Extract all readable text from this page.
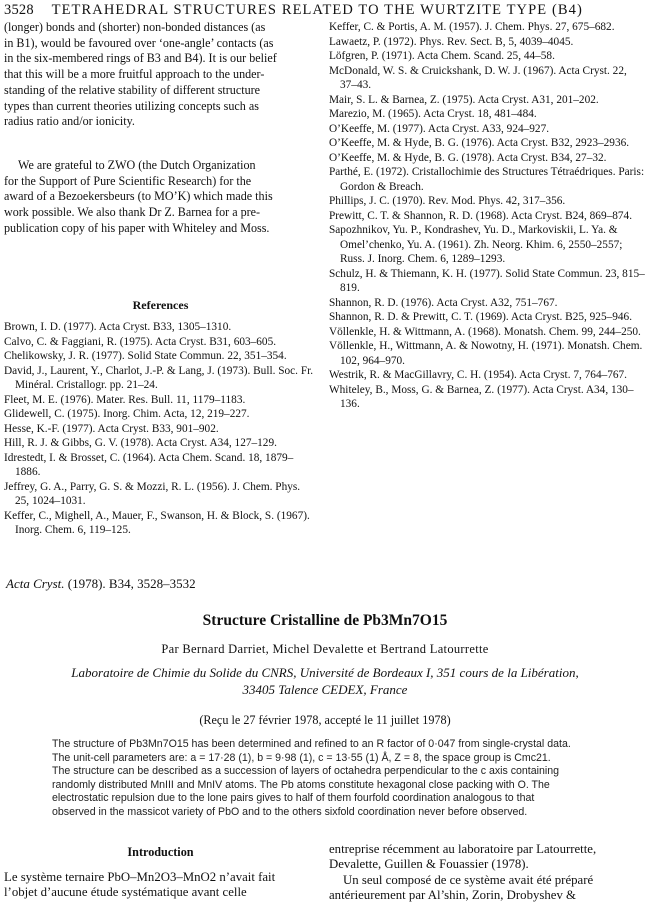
3528 TETRAHEDRAL STRUCTURES RELATED TO THE WURTZITE TYPE (B4)
(longer) bonds and (shorter) non-bonded distances (as
in B1), would be favoured over ‘one-angle’ contacts (as
in the six-membered rings of B3 and B4). It is our belief
that this will be a more fruitful approach to the under-
standing of the relative stability of different structure
types than current theories utilizing concepts such as
radius ratio and/or ionicity.
We are grateful to ZWO (the Dutch Organization
for the Support of Pure Scientific Research) for the
award of a Bezoekersbeurs (to MO’K) which made this
work possible. We also thank Dr Z. Barnea for a pre-
publication copy of his paper with Whiteley and Moss.
References
Brown, I. D. (1977). Acta Cryst. B33, 1305–1310.
Calvo, C. & Faggiani, R. (1975). Acta Cryst. B31, 603–605.
Chelikowsky, J. R. (1977). Solid State Commun. 22, 351–354.
David, J., Laurent, Y., Charlot, J.-P. & Lang, J. (1973). Bull. Soc. Fr. Minéral. Cristallogr. pp. 21–24.
Fleet, M. E. (1976). Mater. Res. Bull. 11, 1179–1183.
Glidewell, C. (1975). Inorg. Chim. Acta, 12, 219–227.
Hesse, K.-F. (1977). Acta Cryst. B33, 901–902.
Hill, R. J. & Gibbs, G. V. (1978). Acta Cryst. A34, 127–129.
Idrestedt, I. & Brosset, C. (1964). Acta Chem. Scand. 18, 1879–1886.
Jeffrey, G. A., Parry, G. S. & Mozzi, R. L. (1956). J. Chem. Phys. 25, 1024–1031.
Keffer, C., Mighell, A., Mauer, F., Swanson, H. & Block, S. (1967). Inorg. Chem. 6, 119–125.
Keffer, C. & Portis, A. M. (1957). J. Chem. Phys. 27, 675–682.
Lawaetz, P. (1972). Phys. Rev. Sect. B, 5, 4039–4045.
Löfgren, P. (1971). Acta Chem. Scand. 25, 44–58.
McDonald, W. S. & Cruickshank, D. W. J. (1967). Acta Cryst. 22, 37–43.
Mair, S. L. & Barnea, Z. (1975). Acta Cryst. A31, 201–202.
Marezio, M. (1965). Acta Cryst. 18, 481–484.
O’Keeffe, M. (1977). Acta Cryst. A33, 924–927.
O’Keeffe, M. & Hyde, B. G. (1976). Acta Cryst. B32, 2923–2936.
O’Keeffe, M. & Hyde, B. G. (1978). Acta Cryst. B34, 27–32.
Parthé, E. (1972). Cristallochimie des Structures Tétraédriques. Paris: Gordon & Breach.
Phillips, J. C. (1970). Rev. Mod. Phys. 42, 317–356.
Prewitt, C. T. & Shannon, R. D. (1968). Acta Cryst. B24, 869–874.
Sapozhnikov, Yu. P., Kondrashev, Yu. D., Markoviskii, L. Ya. & Omel’chenko, Yu. A. (1961). Zh. Neorg. Khim. 6, 2550–2557; Russ. J. Inorg. Chem. 6, 1289–1293.
Schulz, H. & Thiemann, K. H. (1977). Solid State Commun. 23, 815–819.
Shannon, R. D. (1976). Acta Cryst. A32, 751–767.
Shannon, R. D. & Prewitt, C. T. (1969). Acta Cryst. B25, 925–946.
Völlenkle, H. & Wittmann, A. (1968). Monatsh. Chem. 99, 244–250.
Völlenkle, H., Wittmann, A. & Nowotny, H. (1971). Monatsh. Chem. 102, 964–970.
Westrik, R. & MacGillavry, C. H. (1954). Acta Cryst. 7, 764–767.
Whiteley, B., Moss, G. & Barnea, Z. (1977). Acta Cryst. A34, 130–136.
Acta Cryst. (1978). B34, 3528–3532
Structure Cristalline de Pb3Mn7O15
Par Bernard Darriet, Michel Devalette et Bertrand Latourrette
Laboratoire de Chimie du Solide du CNRS, Université de Bordeaux I, 351 cours de la Libération,
33405 Talence CEDEX, France
(Reçu le 27 février 1978, accepté le 11 juillet 1978)
The structure of Pb3Mn7O15 has been determined and refined to an R factor of 0·047 from single-crystal data.
The unit-cell parameters are: a = 17·28 (1), b = 9·98 (1), c = 13·55 (1) Å, Z = 8, the space group is Cmc21.
The structure can be described as a succession of layers of octahedra perpendicular to the c axis containing
randomly distributed MnIII and MnIV atoms. The Pb atoms constitute hexagonal close packing with O. The
electrostatic repulsion due to the lone pairs gives to half of them fourfold coordination analogous to that
observed in the massicot variety of PbO and to the others sixfold coordination never before observed.
Introduction
Le système ternaire PbO–Mn2O3–MnO2 n’avait fait
l’objet d’aucune étude systématique avant celle
entreprise récemment au laboratoire par Latourrette,
Devalette, Guillen & Fouassier (1978).
Un seul composé de ce système avait été préparé
antérieurement par Al’shin, Zorin, Drobyshev &
